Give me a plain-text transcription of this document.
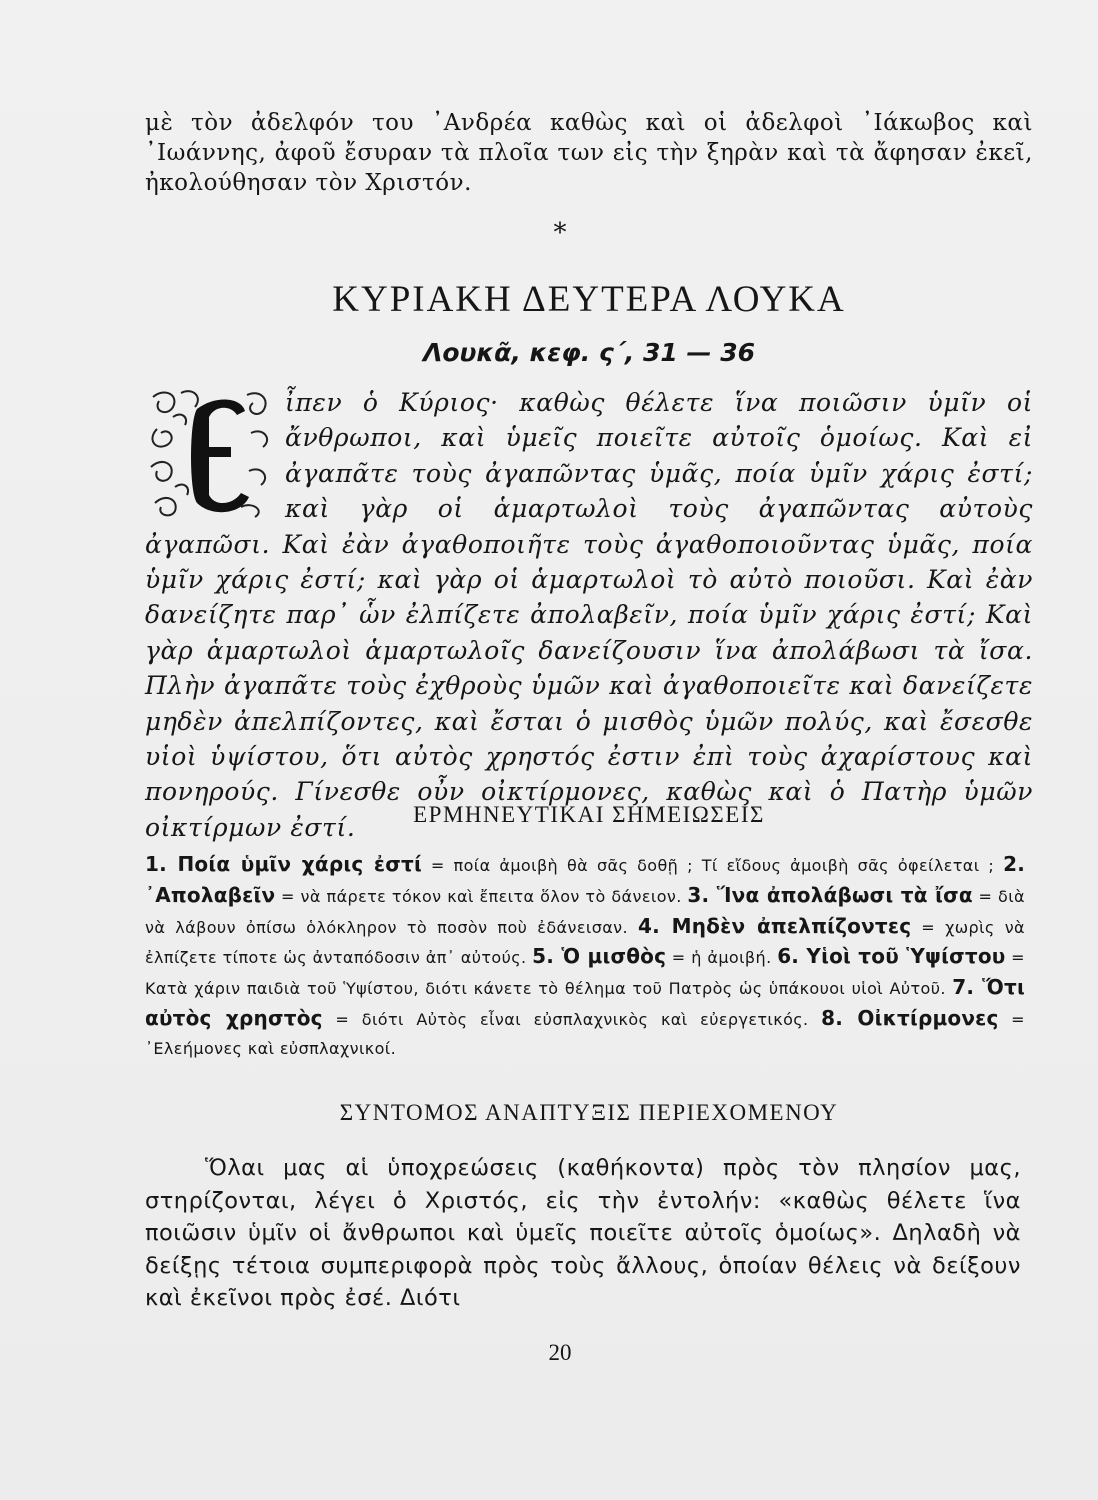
μὲ τὸν ἀδελφόν του ᾿Ανδρέα καθὼς καὶ οἱ ἀδελφοὶ ᾿Ιάκωβος καὶ ᾿Ιωάννης, ἀφοῦ ἔσυραν τὰ πλοῖα των εἰς τὴν ξηρὰν καὶ τὰ ἄφησαν ἐκεῖ, ἠκολούθησαν τὸν Χριστόν.

*
ΚΥΡΙΑΚΗ ΔΕΥΤΕΡΑ ΛΟΥΚΑ
Λουκᾶ, κεφ. ς΄, 31 — 36
ἶπεν ὁ Κύριος· καθὼς θέλετε ἵνα ποιῶσιν ὑμῖν οἱ ἄνθρωποι, καὶ ὑμεῖς ποιεῖτε αὐτοῖς ὁμοίως. Καὶ εἰ ἀγαπᾶτε τοὺς ἀγαπῶντας ὑμᾶς, ποία ὑμῖν χάρις ἐστί; καὶ γὰρ οἱ ἁμαρτωλοὶ τοὺς ἀγαπῶντας αὐτοὺς ἀγαπῶσι. Καὶ ἐὰν ἀγαθοποιῆτε τοὺς ἀγαθοποιοῦντας ὑμᾶς, ποία ὑμῖν χάρις ἐστί; καὶ γὰρ οἱ ἁμαρτωλοὶ τὸ αὐτὸ ποιοῦσι. Καὶ ἐὰν δανείζητε παρ᾿ ὧν ἐλπίζετε ἀπολαβεῖν, ποία ὑμῖν χάρις ἐστί; Καὶ γὰρ ἁμαρτωλοὶ ἁμαρτωλοῖς δανείζουσιν ἵνα ἀπολάβωσι τὰ ἴσα. Πλὴν ἀγαπᾶτε τοὺς ἐχθροὺς ὑμῶν καὶ ἀγαθοποιεῖτε καὶ δανείζετε μηδὲν ἀπελπίζοντες, καὶ ἔσται ὁ μισθὸς ὑμῶν πολύς, καὶ ἔσεσθε υἱοὶ ὑψίστου, ὅτι αὐτὸς χρηστός ἐστιν ἐπὶ τοὺς ἀχαρίστους καὶ πονηρούς. Γίνεσθε οὖν οἰκτίρμονες, καθὼς καὶ ὁ Πατὴρ ὑμῶν οἰκτίρμων ἐστί.	ΕΡΜΗΝΕΥΤΙΚΑΙ ΣΗΜΕΙΩΣΕΙΣ
1. Ποία ὑμῖν χάρις ἐστί = ποία ἀμοιβὴ θὰ σᾶς δοθῇ ; Τί εἴδους ἀμοιβὴ σᾶς ὀφείλεται ; 2. ᾿Απολαβεῖν = νὰ πάρετε τόκον καὶ ἔπειτα ὅλον τὸ δάνειον. 3. Ἵνα ἀπολάβωσι τὰ ἴσα = διὰ νὰ λάβουν ὀπίσω ὁλόκληρον τὸ ποσὸν ποὺ ἐδάνεισαν. 4. Μηδὲν ἀπελπίζοντες = χωρὶς νὰ ἐλπίζετε τίποτε ὡς ἀνταπόδοσιν ἀπ᾿ αὐτούς. 5. Ὁ μισθὸς = ἡ ἀμοιβή. 6. Υἱοὶ τοῦ Ὑψίστου = Κατὰ χάριν παιδιὰ τοῦ Ὑψίστου, διότι κάνετε τὸ θέλημα τοῦ Πατρὸς ὡς ὑπάκουοι υἱοὶ Αὐτοῦ. 7. Ὅτι αὐτὸς χρηστὸς = διότι Αὐτὸς εἶναι εὐσπλαχνικὸς καὶ εὐεργετικός. 8. Οἰκτίρμονες = ᾿Ελεήμονες καὶ εὐσπλαχνικοί.
ΣΥΝΤΟΜΟΣ ΑΝΑΠΤΥΞΙΣ ΠΕΡΙΕΧΟΜΕΝΟΥ

Ὅλαι μας αἱ ὑποχρεώσεις (καθήκοντα) πρὸς τὸν πλησίον μας, στηρίζονται, λέγει ὁ Χριστός, εἰς τὴν ἐντολήν: «καθὼς θέλετε ἵνα ποιῶσιν ὑμῖν οἱ ἄνθρωποι καὶ ὑμεῖς ποιεῖτε αὐτοῖς ὁμοίως». Δηλαδὴ νὰ δείξῃς τέτοια συμπεριφορὰ πρὸς τοὺς ἄλλους, ὁποίαν θέλεις νὰ δείξουν καὶ ἐκεῖνοι πρὸς ἐσέ. Διότι

20
